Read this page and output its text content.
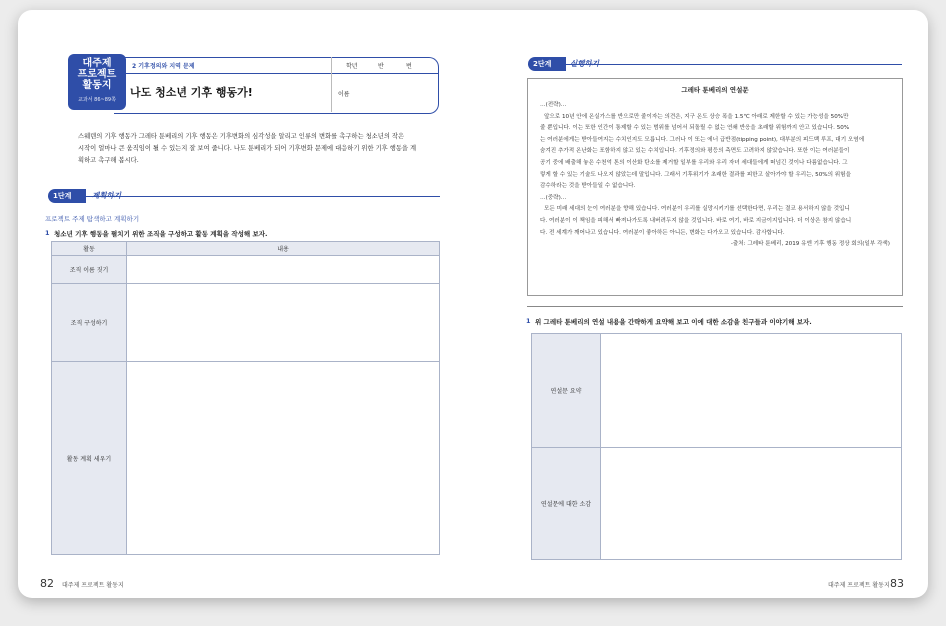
대주제
프로젝트
활동지
교과서 86~89쪽
2 기후정의와 지역 문제	학년	반	번
나도 청소년 기후 행동가!	이름
스웨덴의 기후 행동가 그레타 툰베리의 기후 행동은 기후변화의 심각성을 알리고 인류의 변화를 촉구하는 청소년의 작은
시작이 얼마나 큰 움직임이 될 수 있는지 잘 보여 줍니다. 나도 툰베리가 되어 기후변화 문제에 대응하기 위한 기후 행동을 계
획하고 촉구해 봅시다.
1단계	계획하기
프로젝트 주제 탐색하고 계획하기
1 청소년 기후 행동을 펼치기 위한 조직을 구성하고 활동 계획을 작성해 보자.
활동	내용
조직 이름 짓기	
조직 구성하기	
활동 계획 세우기	
82 대주제 프로젝트 활동지
2단계	실행하기
그레타 툰베리의 연설문

…(전략)…

앞으로 10년 안에 온실가스를 반으로만 줄이자는 의견은, 지구 온도 상승 폭을 1.5℃ 아래로 제한할 수 있는 가능성을 50%만

줄 뿐입니다. 이는 또한 인간이 통제할 수 있는 범위를 넘어서 되돌릴 수 없는 연쇄 반응을 초래할 위험까지 안고 있습니다. 50%

는 여러분에게는 받아들여지는 수치인지도 모릅니다. 그러나 이 또는 에너 급반점(tipping point), 대부분의 피드백 루프, 대기 오염에

숨겨진 추가적 온난화는 포함하지 않고 있는 수치입니다. 기후정의와 평등의 측면도 고려하지 않았습니다. 또한 이는 여러분들이

공기 중에 배출해 놓은 수천억 톤의 이산화 탄소를 제거할 일부를 우리와 우리 자녀 세대들에게 떠넘긴 것이나 다름없습니다. 그

렇게 할 수 있는 기술도 나오지 않았는데 말입니다. 그래서 기후위기가 초래한 결과를 피한고 살아가야 할 우리는, 50%의 위험을

감수하라는 것을 받아들일 수 없습니다.

…(중략)…

모든 미래 세대의 눈이 여러분을 향해 있습니다. 여러분이 우리를 실망시키기를 선택한다면, 우리는 결코 용서하지 않을 것입니

다. 여러분이 이 책임을 피해서 빠져나가도록 내버려두지 않을 것입니다. 바로 여기, 바로 지금이지입니다. 더 이상은 참지 않습니

다. 전 세계가 깨어나고 있습니다. 여러분이 좋아하든 아니든, 변화는 다가오고 있습니다. 감사합니다.

-출처: 그레타 툰베리, 2019 유엔 기후 행동 정상 회의(일부 각색)

1 위 그레타 툰베리의 연설 내용을 간략하게 요약해 보고 이에 대한 소감을 친구들과 이야기해 보자.
연설문 요약	
연설문에 대한 소감	
대주제 프로젝트 활동지 83
